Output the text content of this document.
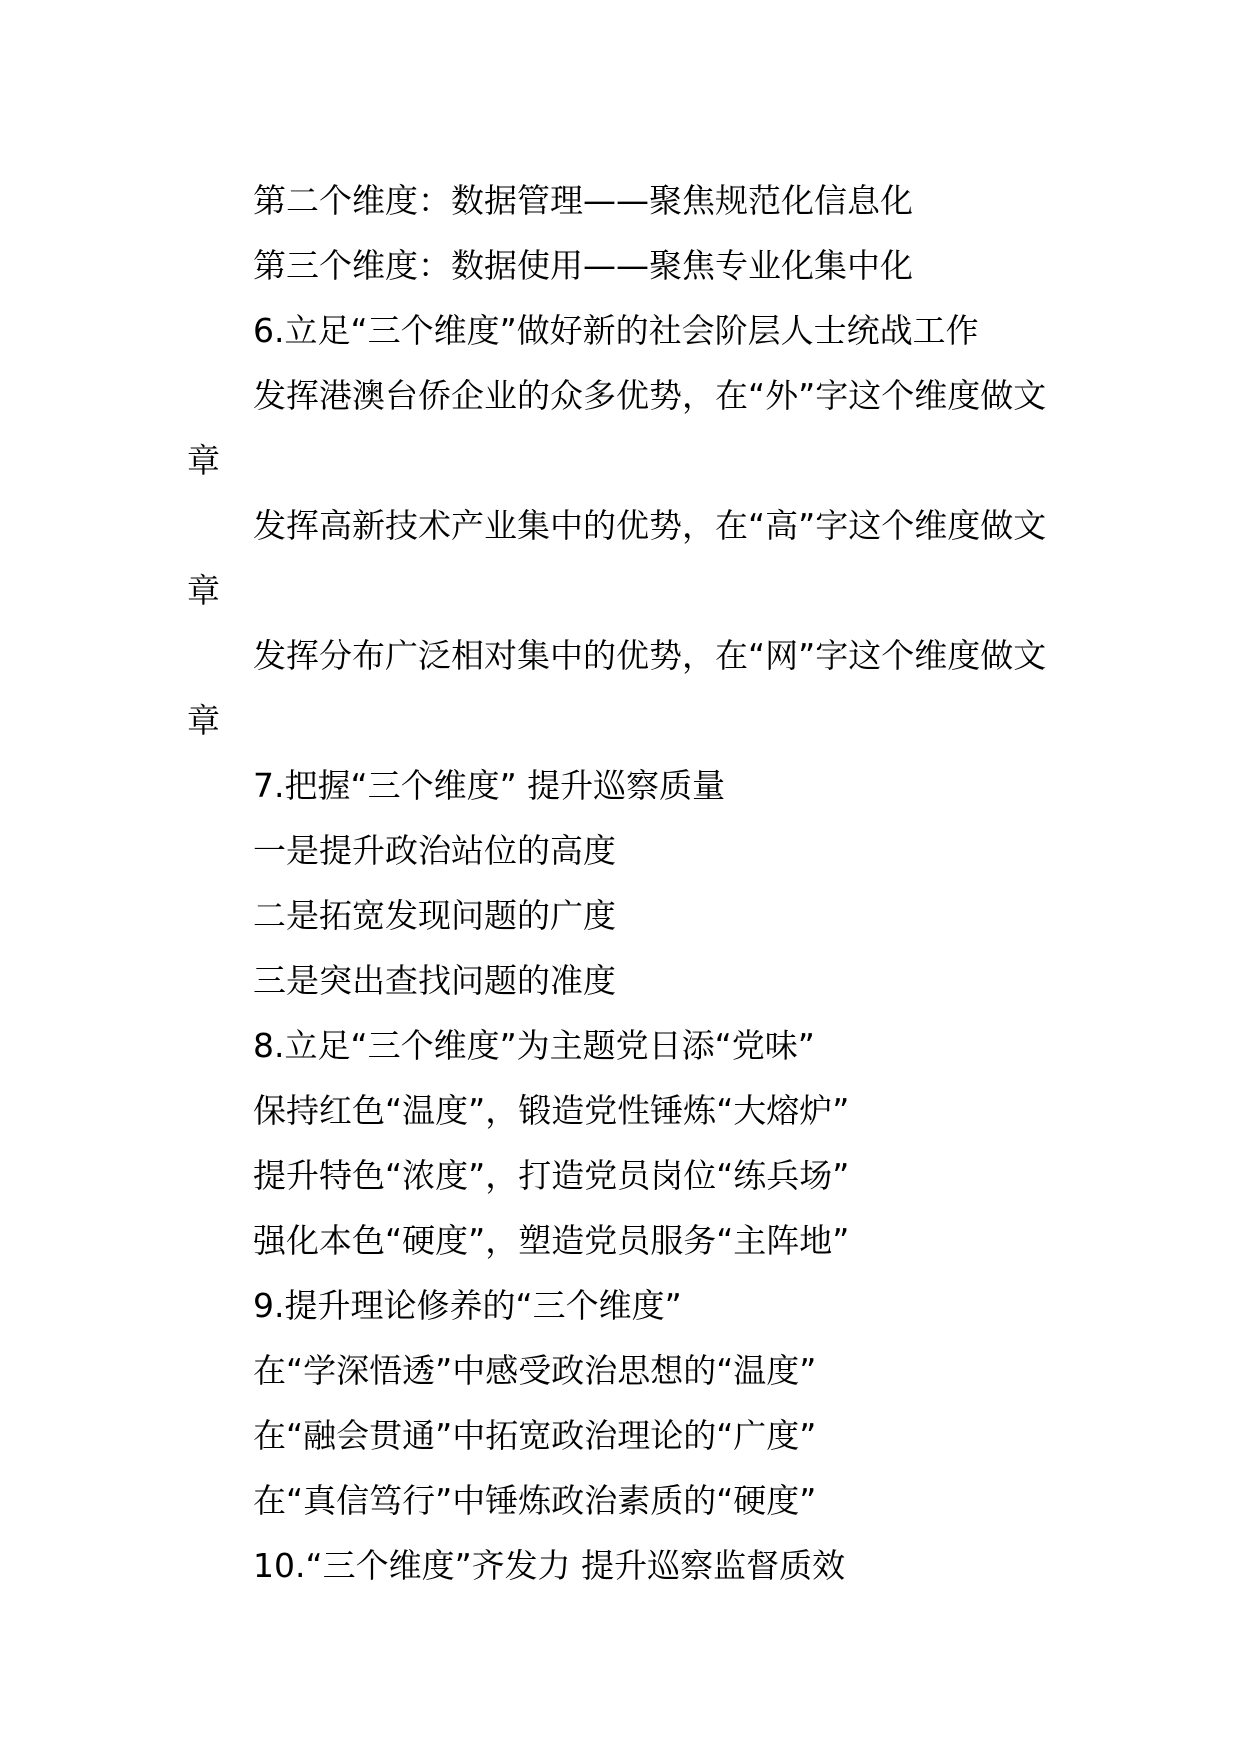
第二个维度：数据管理——聚焦规范化信息化

第三个维度：数据使用——聚焦专业化集中化

6.立足“三个维度”做好新的社会阶层人士统战工作

发挥港澳台侨企业的众多优势，在“外”字这个维度做文章

发挥高新技术产业集中的优势，在“高”字这个维度做文章

发挥分布广泛相对集中的优势，在“网”字这个维度做文章

7.把握“三个维度” 提升巡察质量

一是提升政治站位的高度

二是拓宽发现问题的广度

三是突出查找问题的准度

8.立足“三个维度”为主题党日添“党味”

保持红色“温度”，锻造党性锤炼“大熔炉”

提升特色“浓度”，打造党员岗位“练兵场”

强化本色“硬度”，塑造党员服务“主阵地”

9.提升理论修养的“三个维度”

在“学深悟透”中感受政治思想的“温度”

在“融会贯通”中拓宽政治理论的“广度”

在“真信笃行”中锤炼政治素质的“硬度”

10.“三个维度”齐发力 提升巡察监督质效
